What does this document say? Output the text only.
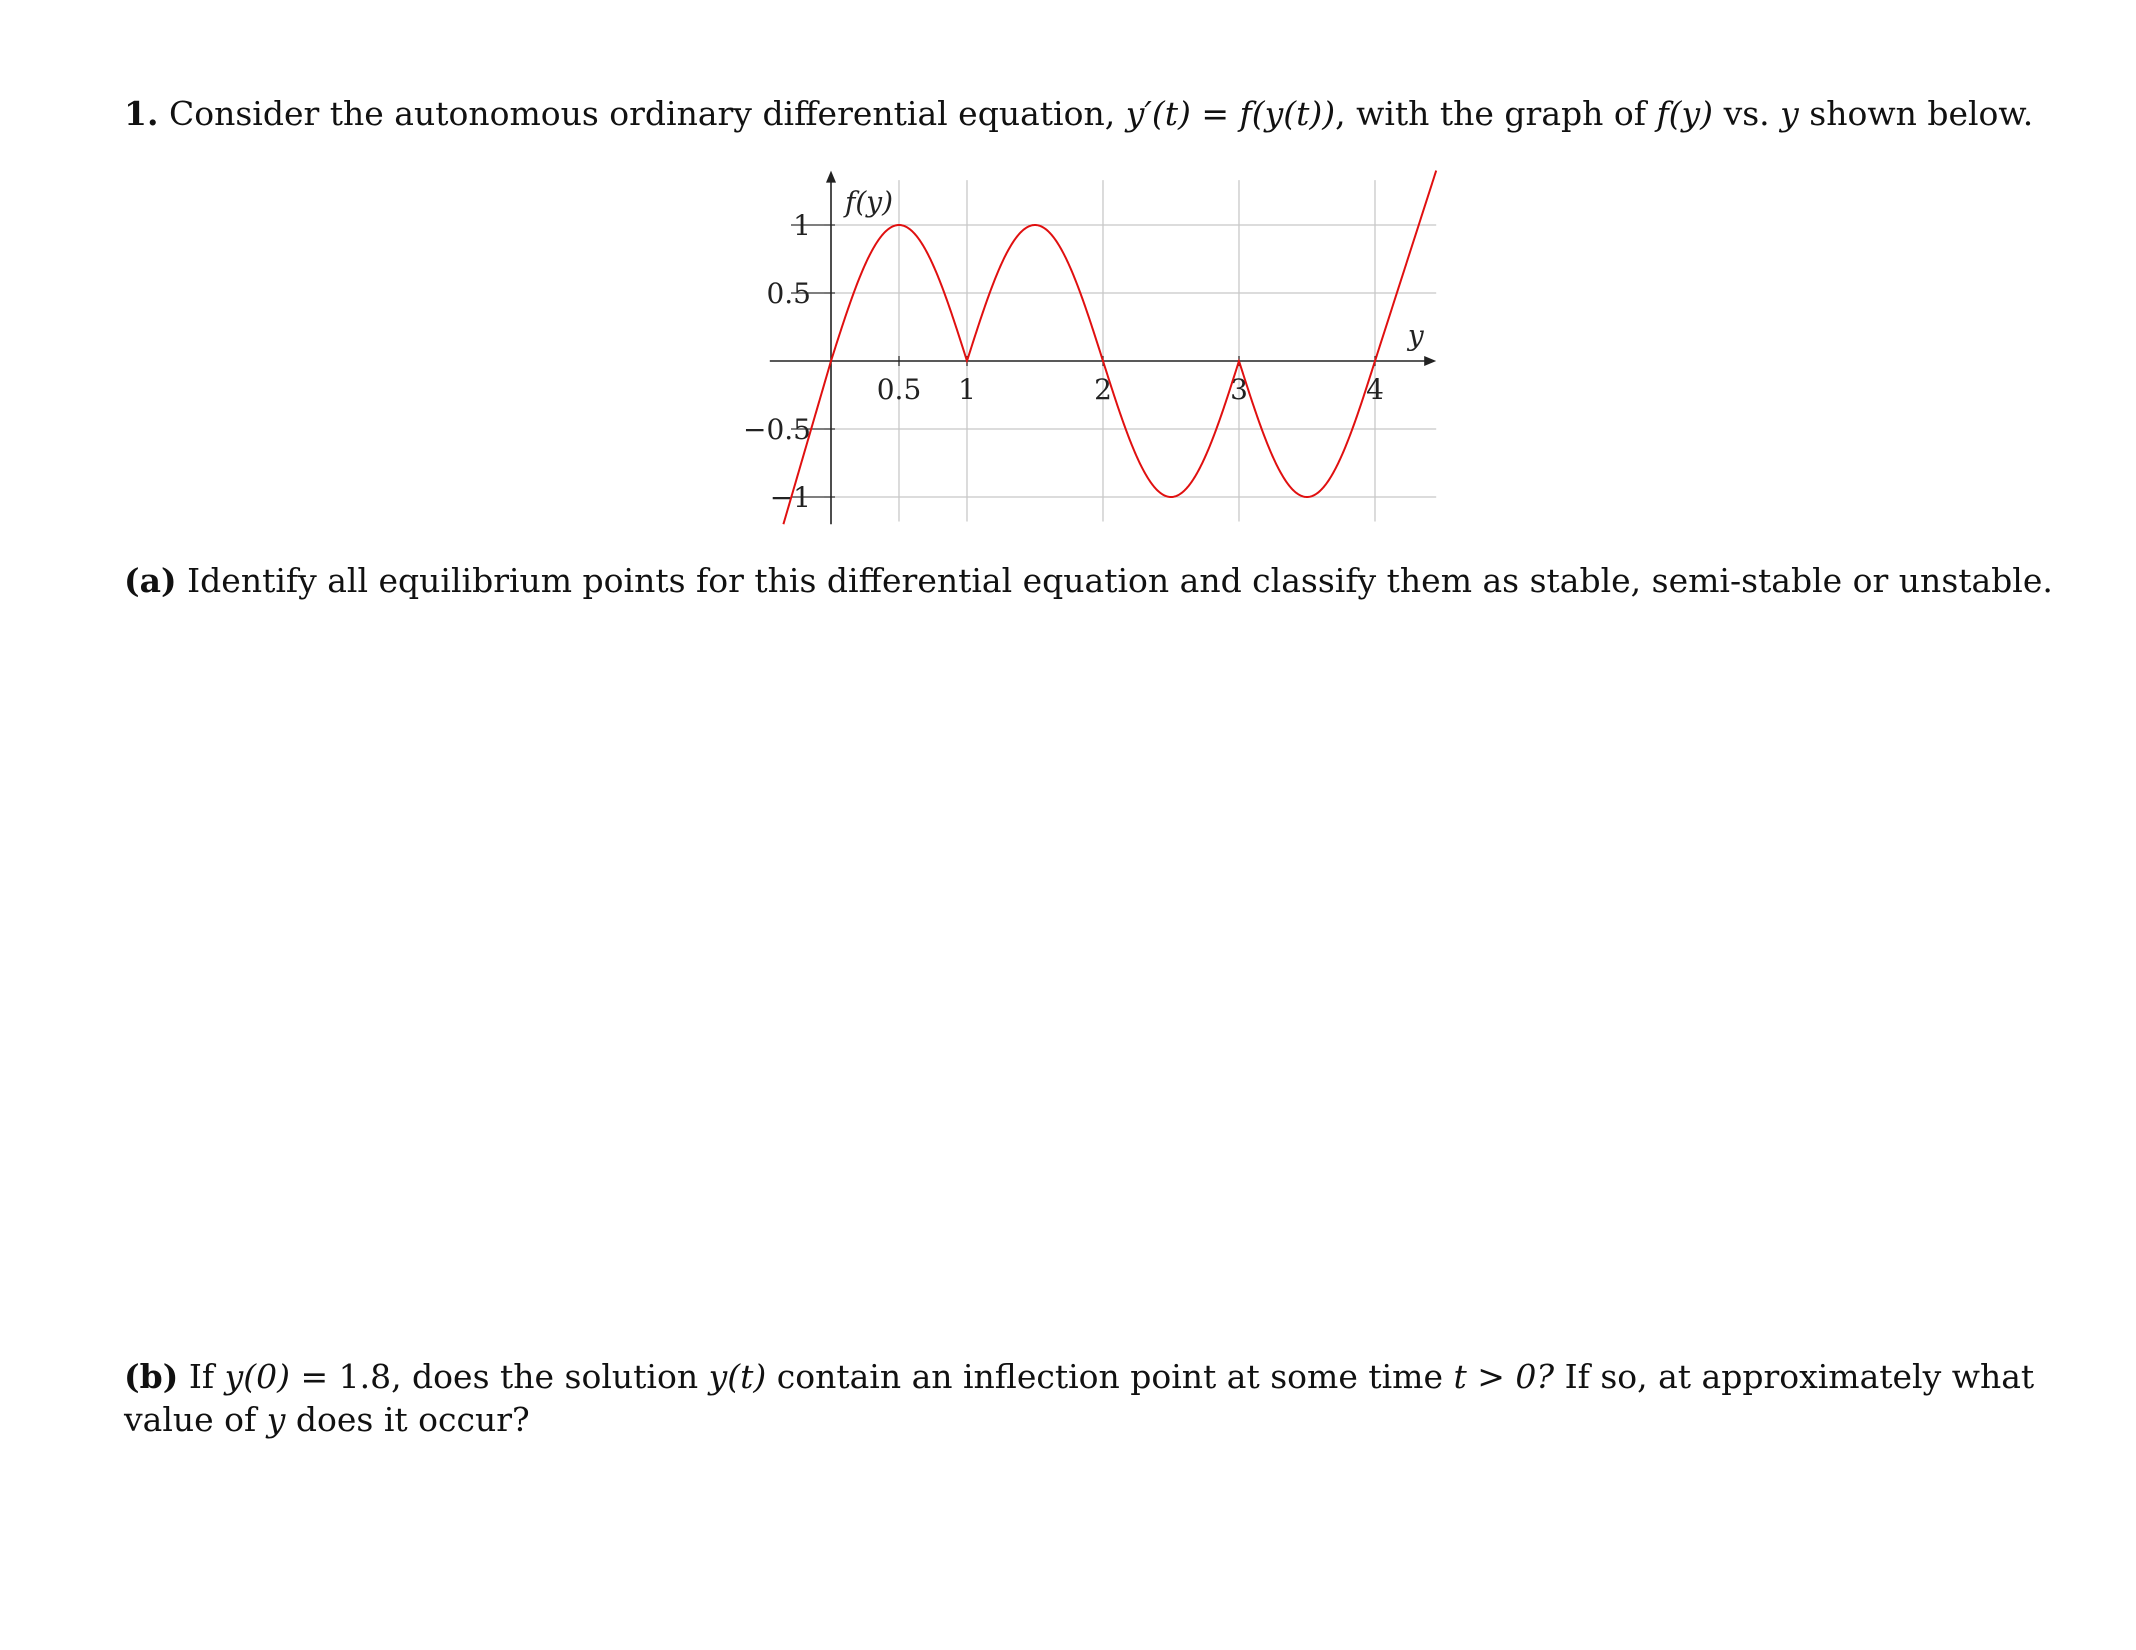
1. Consider the autonomous ordinary differential equation, y′(t) = f(y(t)), with the graph of f(y) vs. y shown below.
0.5 1	2	3	4
1
0.5
−0.5
−1
f(y)
y
(a) Identify all equilibrium points for this differential equation and classify them as stable, semi-stable or unstable.
(b) If y(0) = 1.8, does the solution y(t) contain an inflection point at some time t > 0? If so, at approximately what
value of y does it occur?
